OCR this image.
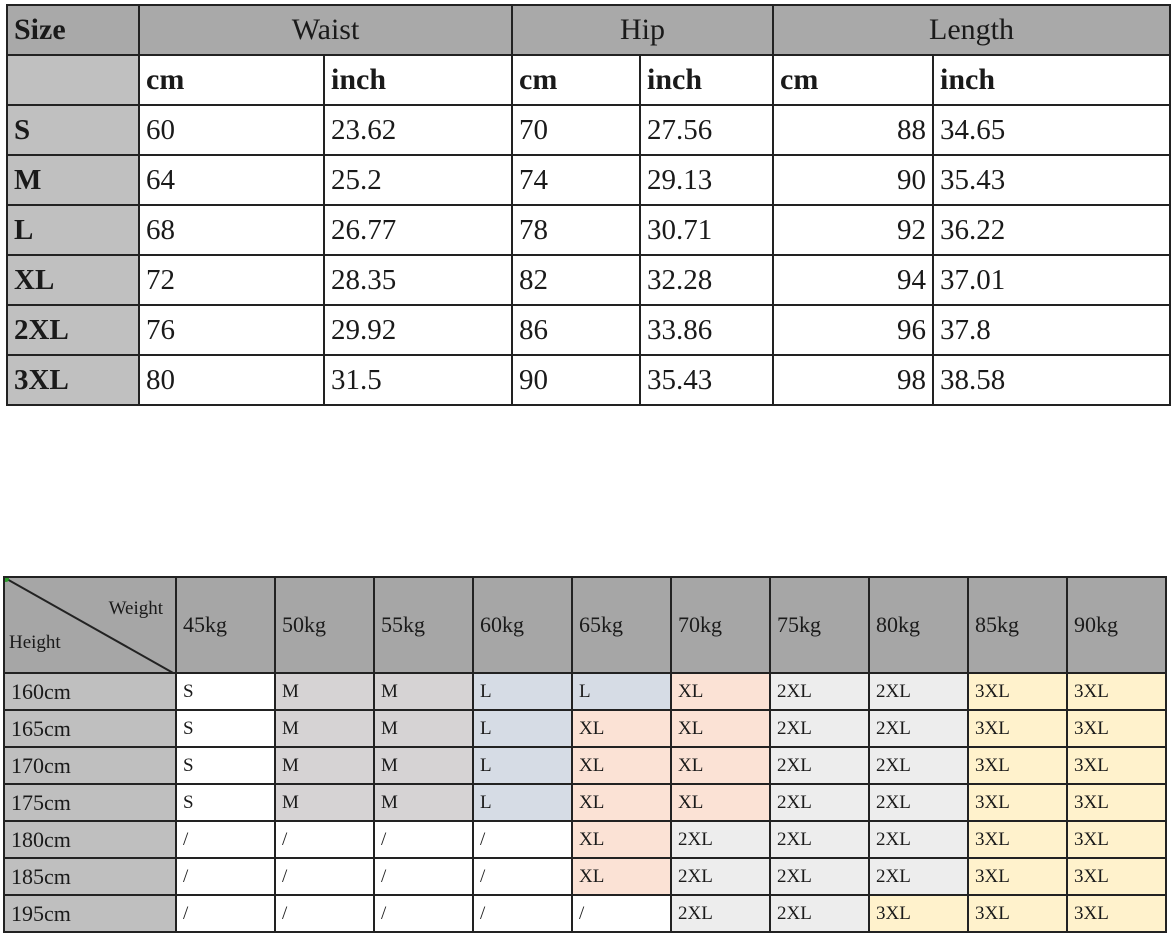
Size	Waist		Hip		Length	
	cm	inch	cm	inch	cm	inch
S	60	23.62	70	27.56	88	34.65
M	64	25.2	74	29.13	90	35.43
L	68	26.77	78	30.71	92	36.22
XL	72	28.35	82	32.28	94	37.01
2XL	76	29.92	86	33.86	96	37.8
3XL	80	31.5	90	35.43	98	38.58
Weight
Height	45kg	50kg	55kg	60kg	65kg	70kg	75kg	80kg	85kg	90kg
160cm	S	M	M	L	L	XL	2XL	2XL	3XL	3XL
165cm	S	M	M	L	XL	XL	2XL	2XL	3XL	3XL
170cm	S	M	M	L	XL	XL	2XL	2XL	3XL	3XL
175cm	S	M	M	L	XL	XL	2XL	2XL	3XL	3XL
180cm	/	/	/	/	XL	2XL	2XL	2XL	3XL	3XL
185cm	/	/	/	/	XL	2XL	2XL	2XL	3XL	3XL
195cm	/	/	/	/	/	2XL	2XL	3XL	3XL	3XL
